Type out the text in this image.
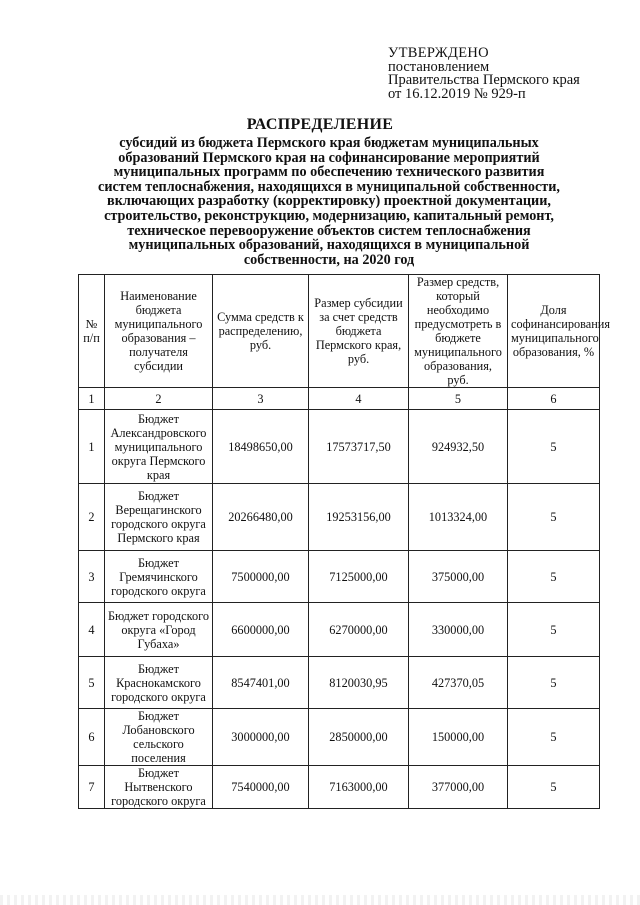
УТВЕРЖДЕНО
постановлением
Правительства Пермского края
от 16.12.2019 № 929-п
РАСПРЕДЕЛЕНИЕ
субсидий из бюджета Пермского края бюджетам муниципальных образований Пермского края на софинансирование мероприятий муниципальных программ по обеспечению технического развития систем теплоснабжения, находящихся в муниципальной собственности, включающих разработку (корректировку) проектной документации, строительство, реконструкцию, модернизацию, капитальный ремонт, техническое перевооружение объектов систем теплоснабжения муниципальных образований, находящихся в муниципальной собственности, на 2020 год
№ п/п	Наименование бюджета муниципального образования – получателя субсидии	Сумма средств к распределению, руб.	Размер субсидии за счет средств бюджета Пермского края, руб.	Размер средств, который необходимо предусмотреть в бюджете муниципального образования, руб.	Доля софинансирования муниципального образования, %
1	2	3	4	5	6
1	Бюджет Александровского муниципального округа Пермского края	18498650,00	17573717,50	924932,50	5
2	Бюджет Верещагинского городского округа Пермского края	20266480,00	19253156,00	1013324,00	5
3	Бюджет Гремячинского городского округа	7500000,00	7125000,00	375000,00	5
4	Бюджет городского округа «Город Губаха»	6600000,00	6270000,00	330000,00	5
5	Бюджет Краснокамского городского округа	8547401,00	8120030,95	427370,05	5
6	Бюджет Лобановского сельского поселения	3000000,00	2850000,00	150000,00	5
7	Бюджет Нытвенского городского округа	7540000,00	7163000,00	377000,00	5
